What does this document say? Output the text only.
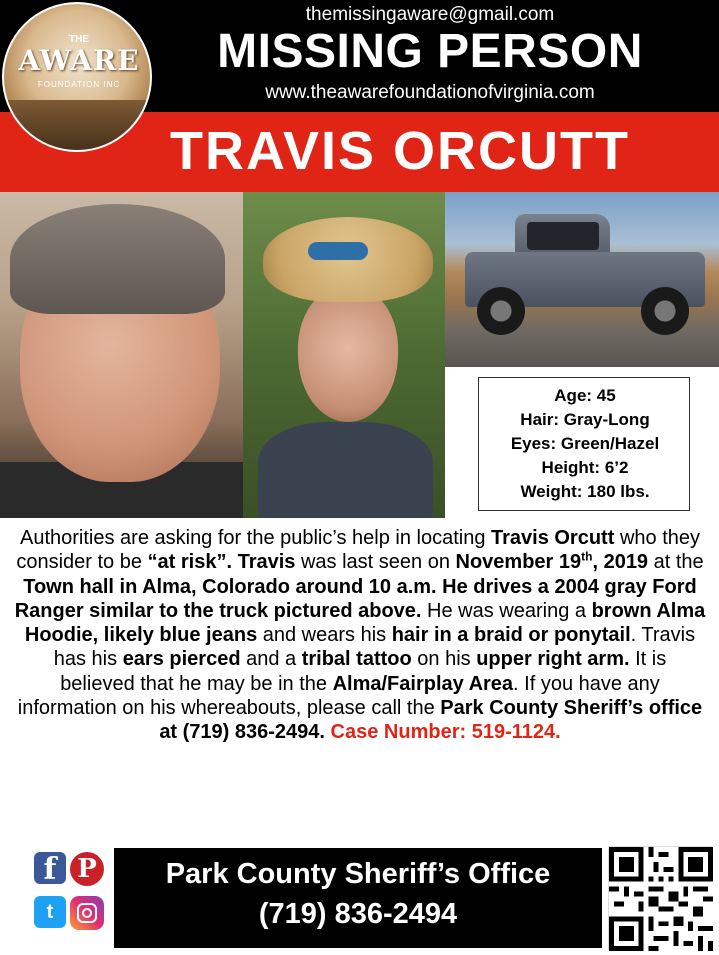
themissingaware@gmail.com
MISSING PERSON
www.theawarefoundationofvirginia.com
TRAVIS ORCUTT
THE
AWARE
FOUNDATION INC
Age: 45
Hair: Gray-Long
Eyes: Green/Hazel
Height: 6’2
Weight: 180 lbs.
Authorities are asking for the public’s help in locating Travis Orcutt who they consider to be “at risk”. Travis was last seen on November 19th, 2019 at the Town hall in Alma, Colorado around 10 a.m. He drives a 2004 gray Ford Ranger similar to the truck pictured above. He was wearing a brown Alma Hoodie, likely blue jeans and wears his hair in a braid or ponytail. Travis has his ears pierced and a tribal tattoo on his upper right arm. It is believed that he may be in the Alma/Fairplay Area. If you have any information on his whereabouts, please call the Park County Sheriff’s office at (719) 836-2494. Case Number: 519-1124.
f P
t
Park County Sheriff’s Office
(719) 836-2494
